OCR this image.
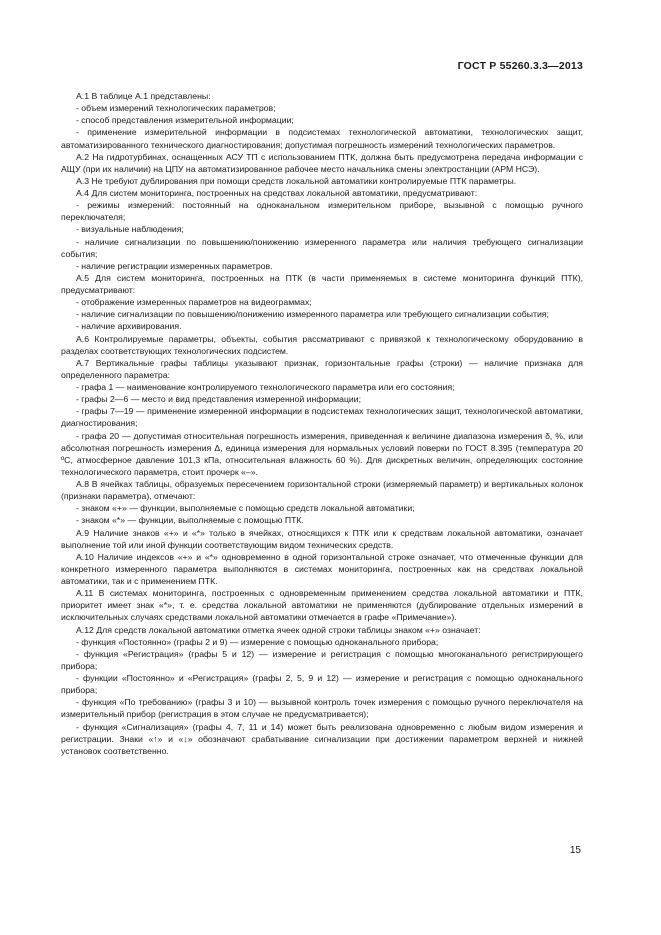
ГОСТ Р 55260.3.3—2013

А.1 В таблице А.1 представлены:

- объем измерений технологических параметров;

- способ представления измерительной информации;

- применение измерительной информации в подсистемах технологической автоматики, технологических защит, автоматизированного технического диагностирования; допустимая погрешность измерений технологических параметров.

А.2 На гидротурбинах, оснащенных АСУ ТП с использованием ПТК, должна быть предусмотрена передача информации с АЩУ (при их наличии) на ЦПУ на автоматизированное рабочее место начальника смены электростанции (АРМ НСЭ).

А.3 Не требуют дублирования при помощи средств локальной автоматики контролируемые ПТК параметры.

А.4 Для систем мониторинга, построенных на средствах локальной автоматики, предусматривают:

- режимы измерений: постоянный на одноканальном измерительном приборе, вызывной с помощью ручного переключателя;

- визуальные наблюдения;

- наличие сигнализации по повышению/понижению измеренного параметра или наличия требующего сигнализации события;

- наличие регистрации измеренных параметров.

А.5 Для систем мониторинга, построенных на ПТК (в части применяемых в системе мониторинга функций ПТК), предусматривают:

- отображение измеренных параметров на видеограммах;

- наличие сигнализации по повышению/понижению измеренного параметра или требующего сигнализации события;

- наличие архивирования.

А.6 Контролируемые параметры, объекты, события рассматривают с привязкой к технологическому оборудованию в разделах соответствующих технологических подсистем.

А.7 Вертикальные графы таблицы указывают признак, горизонтальные графы (строки) — наличие признака для определенного параметра:

- графа 1 — наименование контролируемого технологического параметра или его состояния;

- графы 2—6 — место и вид представления измеренной информации;

- графы 7—19 — применение измеренной информации в подсистемах технологических защит, технологической автоматики, диагностирования;

- графа 20 — допустимая относительная погрешность измерения, приведенная к величине диапазона измерения δ, %, или абсолютная погрешность измерения Δ, единица измерения для нормальных условий поверки по ГОСТ 8.395 (температура 20 ºС, атмосферное давление 101,3 кПа, относительная влажность 60 %). Для дискретных величин, определяющих состояние технологического параметра, стоит прочерк «–».

А.8 В ячейках таблицы, образуемых пересечением горизонтальной строки (измеряемый параметр) и вертикальных колонок (признаки параметра), отмечают:

- знаком «+» — функции, выполняемые с помощью средств локальной автоматики;

- знаком «*» — функции, выполняемые с помощью ПТК.

А.9 Наличие знаков «+» и «*» только в ячейках, относящихся к ПТК или к средствам локальной автоматики, означает выполнение той или иной функции соответствующим видом технических средств.

А.10 Наличие индексов «+» и «*» одновременно в одной горизонтальной строке означает, что отмеченные функции для конкретного измеренного параметра выполняются в системах мониторинга, построенных как на средствах локальной автоматики, так и с применением ПТК.

А.11 В системах мониторинга, построенных с одновременным применением средства локальной автоматики и ПТК, приоритет имеет знак «*», т. е. средства локальной автоматики не применяются (дублирование отдельных измерений в исключительных случаях средствами локальной автоматики отмечается в графе «Примечание»).

А.12 Для средств локальной автоматики отметка ячеек одной строки таблицы знаком «+» означает:

- функция «Постоянно» (графы 2 и 9) — измерение с помощью одноканального прибора;

- функция «Регистрация» (графы 5 и 12) — измерение и регистрация с помощью многоканального регистрирующего прибора;

- функции «Постоянно» и «Регистрация» (графы 2, 5, 9 и 12) — измерение и регистрация с помощью одноканального прибора;

- функция «По требованию» (графы 3 и 10) — вызывной контроль точек измерения с помощью ручного переключателя на измерительный прибор (регистрация в этом случае не предусматривается);

- функция «Сигнализация» (графы 4, 7, 11 и 14) может быть реализована одновременно с любым видом измерения и регистрации. Знаки «↑» и «↓» обозначают срабатывание сигнализации при достижении параметром верхней и нижней установок соответственно.

15
